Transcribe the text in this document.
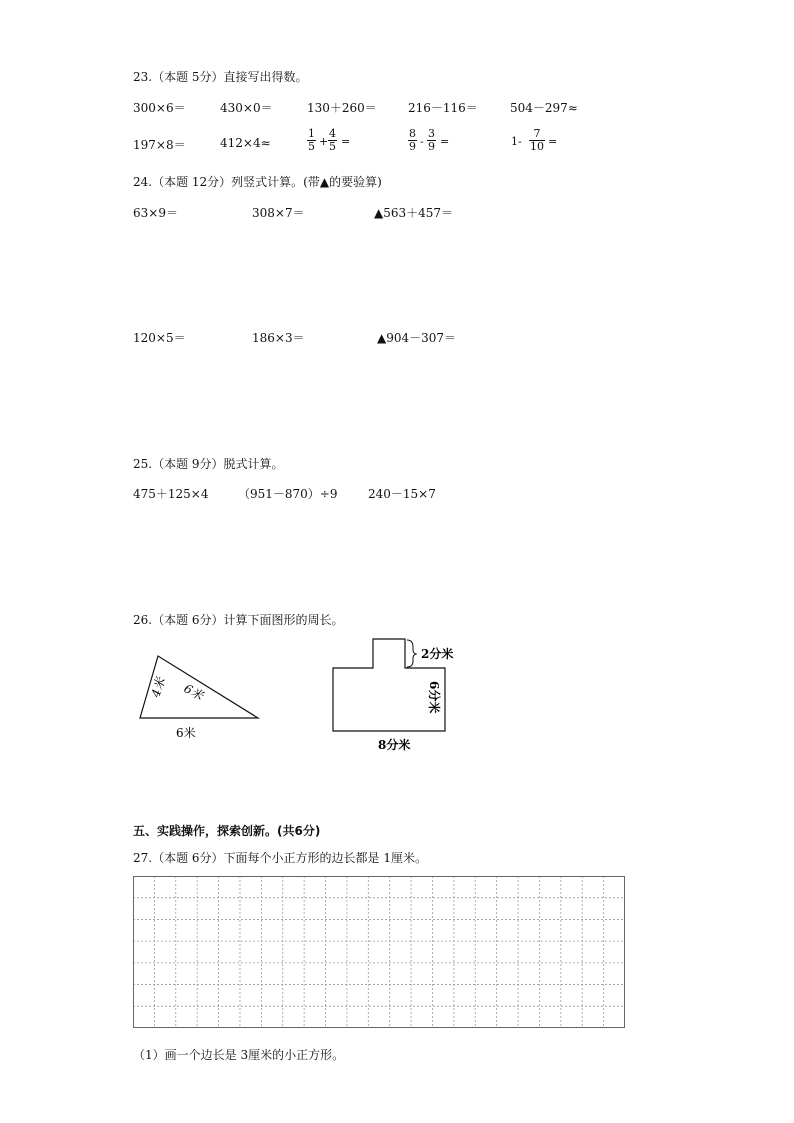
23.（本题 5分）直接写出得数。
300×6＝	430×0＝	130＋260＝	216－116＝	504－297≈
197×8＝	412×4≈	$\frac{1}{5} + \frac{4}{5}$ =	$\frac{8}{9} - \frac{3}{9}$ =	$1- \frac{7}{10}$ =
24.（本题 12分）列竖式计算。(带▲的要验算)
63×9＝	308×7＝	▲563＋457＝
120×5＝	186×3＝	▲904－307＝
25.（本题 9分）脱式计算。
475＋125×4 （951－870）÷9	240－15×7
26.（本题 6分）计算下面图形的周长。
4米 6米
6米
2分米
6分米
8分米
五、实践操作，探索创新。(共6分)
27.（本题 6分）下面每个小正方形的边长都是 1厘米。
（1）画一个边长是 3厘米的小正方形。
